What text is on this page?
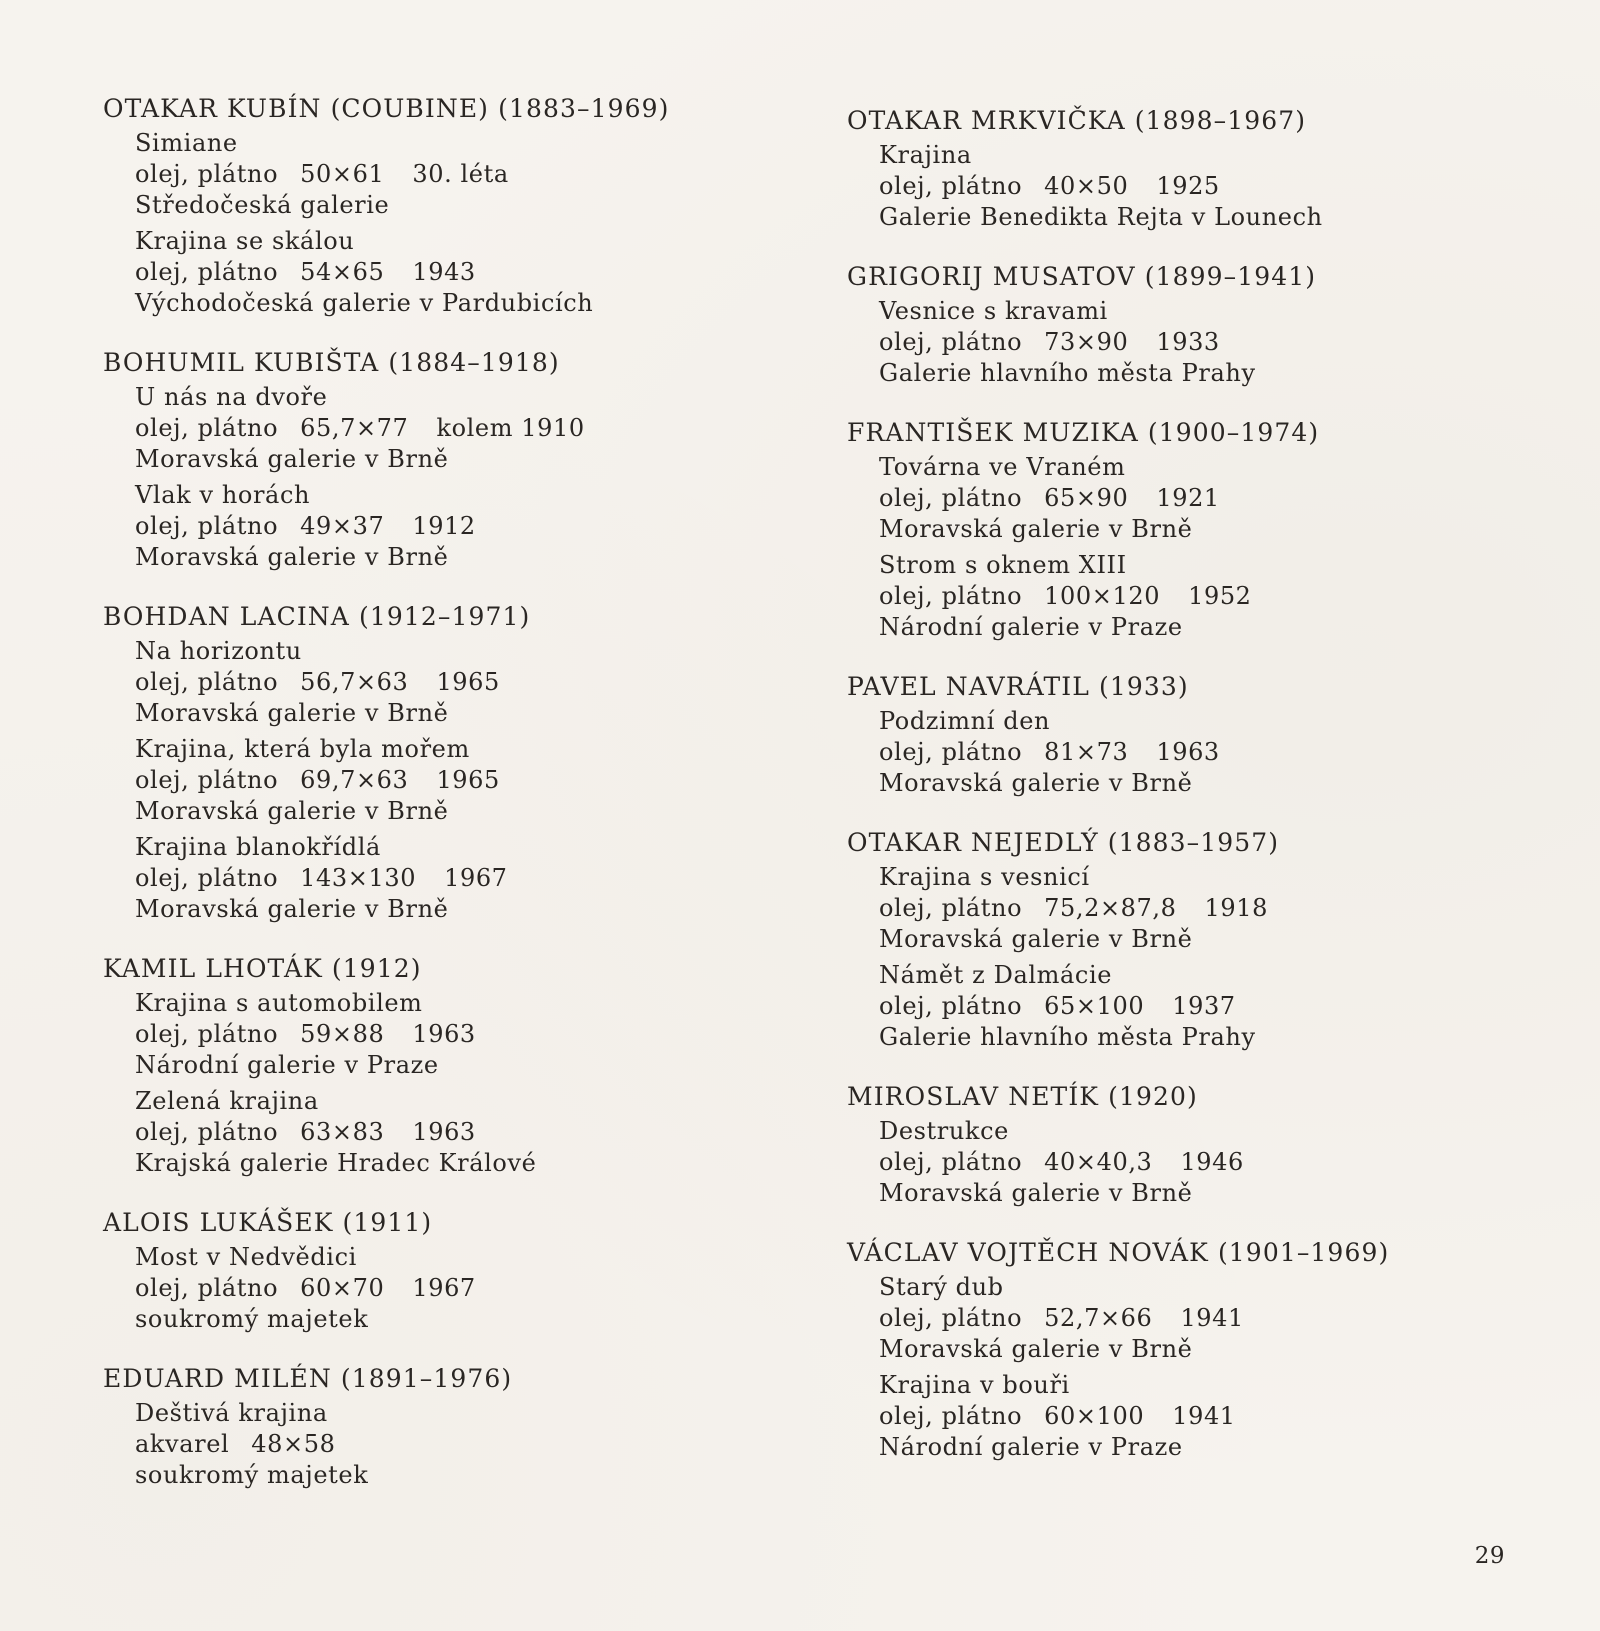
OTAKAR KUBÍN (COUBINE) (1883–1969)
Simiane
olej, plátno 50×61 30. léta
Středočeská galerie
Krajina se skálou
olej, plátno 54×65 1943
Východočeská galerie v Pardubicích
BOHUMIL KUBIŠTA (1884–1918)
U nás na dvoře
olej, plátno 65,7×77 kolem 1910
Moravská galerie v Brně
Vlak v horách
olej, plátno 49×37 1912
Moravská galerie v Brně
BOHDAN LACINA (1912–1971)
Na horizontu
olej, plátno 56,7×63 1965
Moravská galerie v Brně
Krajina, která byla mořem
olej, plátno 69,7×63 1965
Moravská galerie v Brně
Krajina blanokřídlá
olej, plátno 143×130 1967
Moravská galerie v Brně
KAMIL LHOTÁK (1912)
Krajina s automobilem
olej, plátno 59×88 1963
Národní galerie v Praze
Zelená krajina
olej, plátno 63×83 1963
Krajská galerie Hradec Králové
ALOIS LUKÁŠEK (1911)
Most v Nedvědici
olej, plátno 60×70 1967
soukromý majetek
EDUARD MILÉN (1891–1976)
Deštivá krajina
akvarel 48×58
soukromý majetek
OTAKAR MRKVIČKA (1898–1967)
Krajina
olej, plátno 40×50 1925
Galerie Benedikta Rejta v Lounech
GRIGORIJ MUSATOV (1899–1941)
Vesnice s kravami
olej, plátno 73×90 1933
Galerie hlavního města Prahy
FRANTIŠEK MUZIKA (1900–1974)
Továrna ve Vraném
olej, plátno 65×90 1921
Moravská galerie v Brně
Strom s oknem XIII
olej, plátno 100×120 1952
Národní galerie v Praze
PAVEL NAVRÁTIL (1933)
Podzimní den
olej, plátno 81×73 1963
Moravská galerie v Brně
OTAKAR NEJEDLÝ (1883–1957)
Krajina s vesnicí
olej, plátno 75,2×87,8 1918
Moravská galerie v Brně
Námět z Dalmácie
olej, plátno 65×100 1937
Galerie hlavního města Prahy
MIROSLAV NETÍK (1920)
Destrukce
olej, plátno 40×40,3 1946
Moravská galerie v Brně
VÁCLAV VOJTĚCH NOVÁK (1901–1969)
Starý dub
olej, plátno 52,7×66 1941
Moravská galerie v Brně
Krajina v bouři
olej, plátno 60×100 1941
Národní galerie v Praze
29
